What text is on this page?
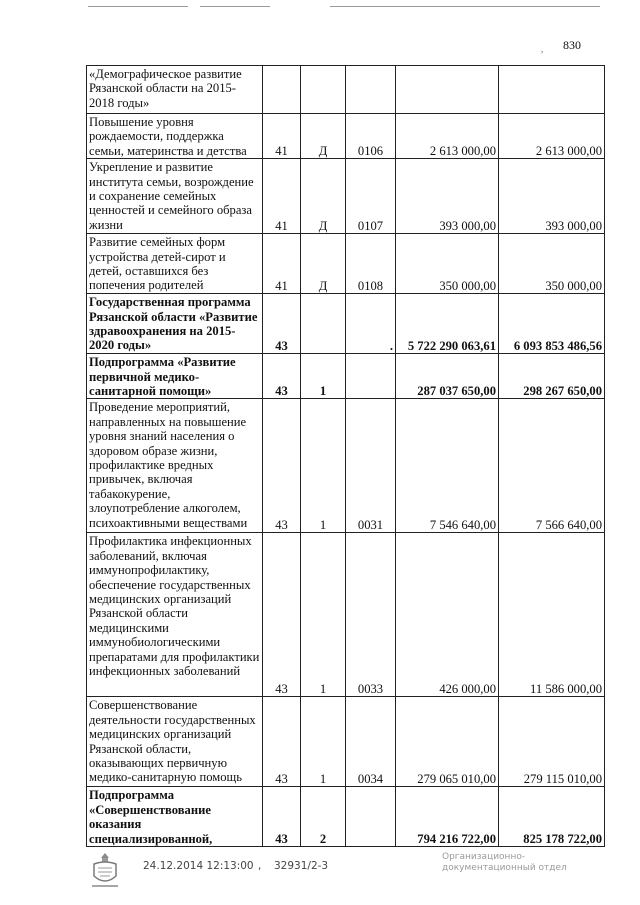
, 830
«Демографическое развитие Рязанской области на 2015-2018 годы»					
Повышение уровня рождаемости, поддержка семьи, материнства и детства	41	Д	0106	2 613 000,00	2 613 000,00
Укрепление и развитие института семьи, возрождение и сохранение семейных ценностей и семейного образа жизни	41	Д	0107	393 000,00	393 000,00
Развитие семейных форм устройства детей-сирот и детей, оставшихся без попечения родителей	41	Д	0108	350 000,00	350 000,00
Государственная программа Рязанской области «Развитие здравоохранения на 2015-2020 годы»	43		.	5 722 290 063,61	6 093 853 486,56
Подпрограмма «Развитие первичной медико-санитарной помощи»	43	1		287 037 650,00	298 267 650,00
Проведение мероприятий, направленных на повышение уровня знаний населения о здоровом образе жизни, профилактике вредных привычек, включая табакокурение, злоупотребление алкоголем, психоактивными веществами	43	1	0031	7 546 640,00	7 566 640,00
Профилактика инфекционных заболеваний, включая иммунопрофилактику, обеспечение государственных медицинских организаций Рязанской области медицинскими иммунобиологическими препаратами для профилактики инфекционных заболеваний	43	1	0033	426 000,00	11 586 000,00
Совершенствование деятельности государственных медицинских организаций Рязанской области, оказывающих первичную медико-санитарную помощь	43	1	0034	279 065 010,00	279 115 010,00
Подпрограмма «Совершенствование оказания специализированной,	43	2		794 216 722,00	825 178 722,00
24.12.2014 12:13:00 , 32931/2-3
Организационно-
документационный отдел
